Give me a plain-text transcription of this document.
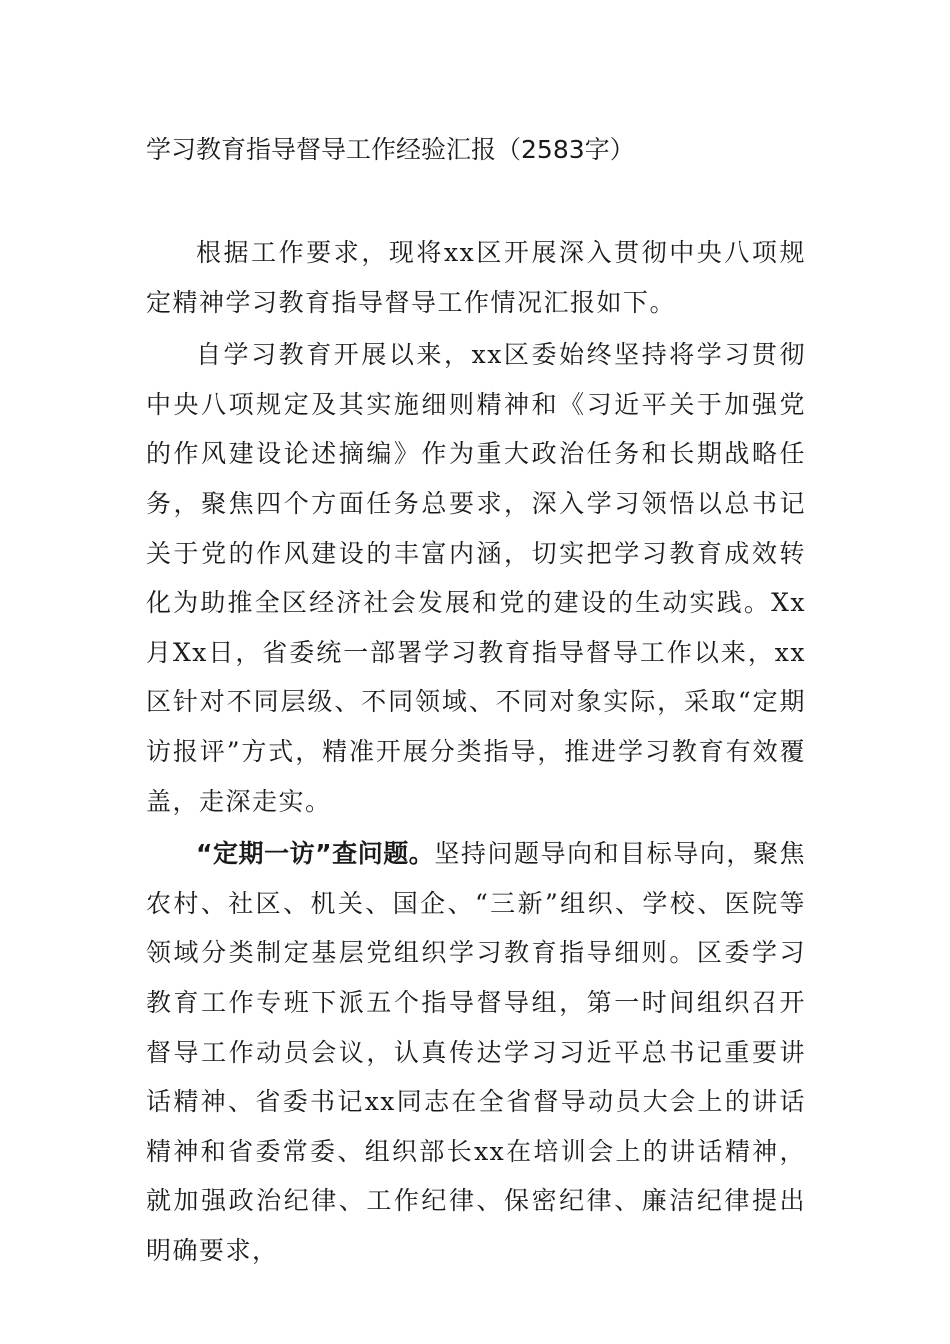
学习教育指导督导工作经验汇报（2583字）

根据工作要求，现将xx区开展深入贯彻中央八项规定精神学习教育指导督导工作情况汇报如下。

自学习教育开展以来，xx区委始终坚持将学习贯彻中央八项规定及其实施细则精神和《习近平关于加强党的作风建设论述摘编》作为重大政治任务和长期战略任务，聚焦四个方面任务总要求，深入学习领悟以总书记关于党的作风建设的丰富内涵，切实把学习教育成效转化为助推全区经济社会发展和党的建设的生动实践。Xx月Xx日，省委统一部署学习教育指导督导工作以来，xx区针对不同层级、不同领域、不同对象实际，采取“定期访报评”方式，精准开展分类指导，推进学习教育有效覆盖，走深走实。

“定期一访”查问题。坚持问题导向和目标导向，聚焦农村、社区、机关、国企、“三新”组织、学校、医院等领域分类制定基层党组织学习教育指导细则。区委学习教育工作专班下派五个指导督导组，第一时间组织召开督导工作动员会议，认真传达学习习近平总书记重要讲话精神、省委书记xx同志在全省督导动员大会上的讲话精神和省委常委、组织部长xx在培训会上的讲话精神，就加强政治纪律、工作纪律、保密纪律、廉洁纪律提出明确要求，
